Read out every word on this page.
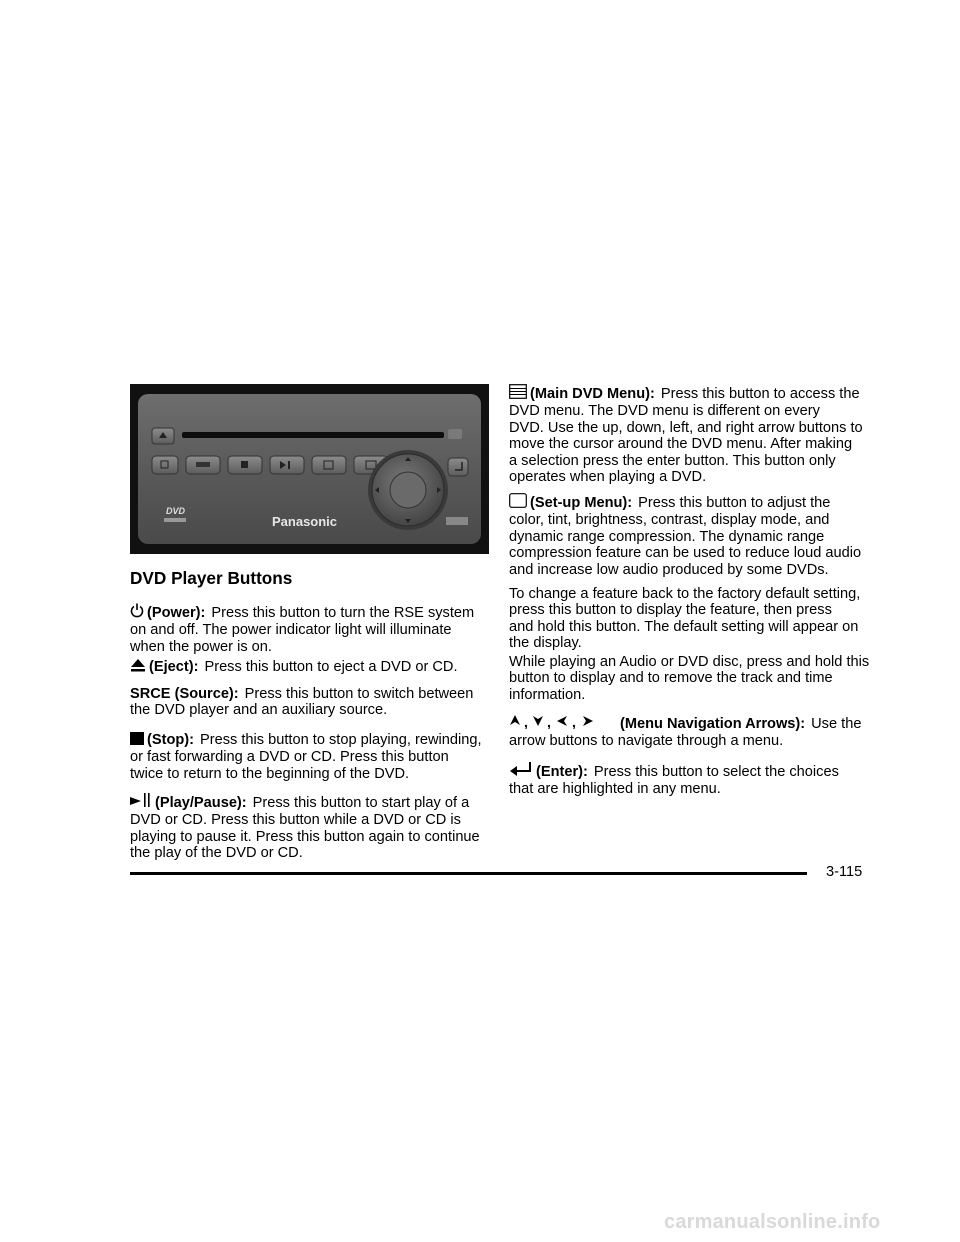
DVD
Panasonic
DVD Player Buttons

(Power): Press this button to turn the RSE system
on and off. The power indicator light will illuminate
when the power is on.

(Eject): Press this button to eject a DVD or CD.

SRCE (Source): Press this button to switch between
the DVD player and an auxiliary source.

(Stop): Press this button to stop playing, rewinding,
or fast forwarding a DVD or CD. Press this button
twice to return to the beginning of the DVD.

(Play/Pause): Press this button to start play of a
DVD or CD. Press this button while a DVD or CD is
playing to pause it. Press this button again to continue
the play of the DVD or CD.

(Main DVD Menu): Press this button to access the
DVD menu. The DVD menu is different on every
DVD. Use the up, down, left, and right arrow buttons to
move the cursor around the DVD menu. After making
a selection press the enter button. This button only
operates when playing a DVD.

(Set-up Menu): Press this button to adjust the
color, tint, brightness, contrast, display mode, and
dynamic range compression. The dynamic range
compression feature can be used to reduce loud audio
and increase low audio produced by some DVDs.

To change a feature back to the factory default setting,
press this button to display the feature, then press
and hold this button. The default setting will appear on
the display.

While playing an Audio or DVD disc, press and hold this
button to display and to remove the track and time
information.

, , ,	(Menu Navigation Arrows): Use the
arrow buttons to navigate through a menu.

(Enter): Press this button to select the choices
that are highlighted in any menu.

3-115
carmanualsonline.info
